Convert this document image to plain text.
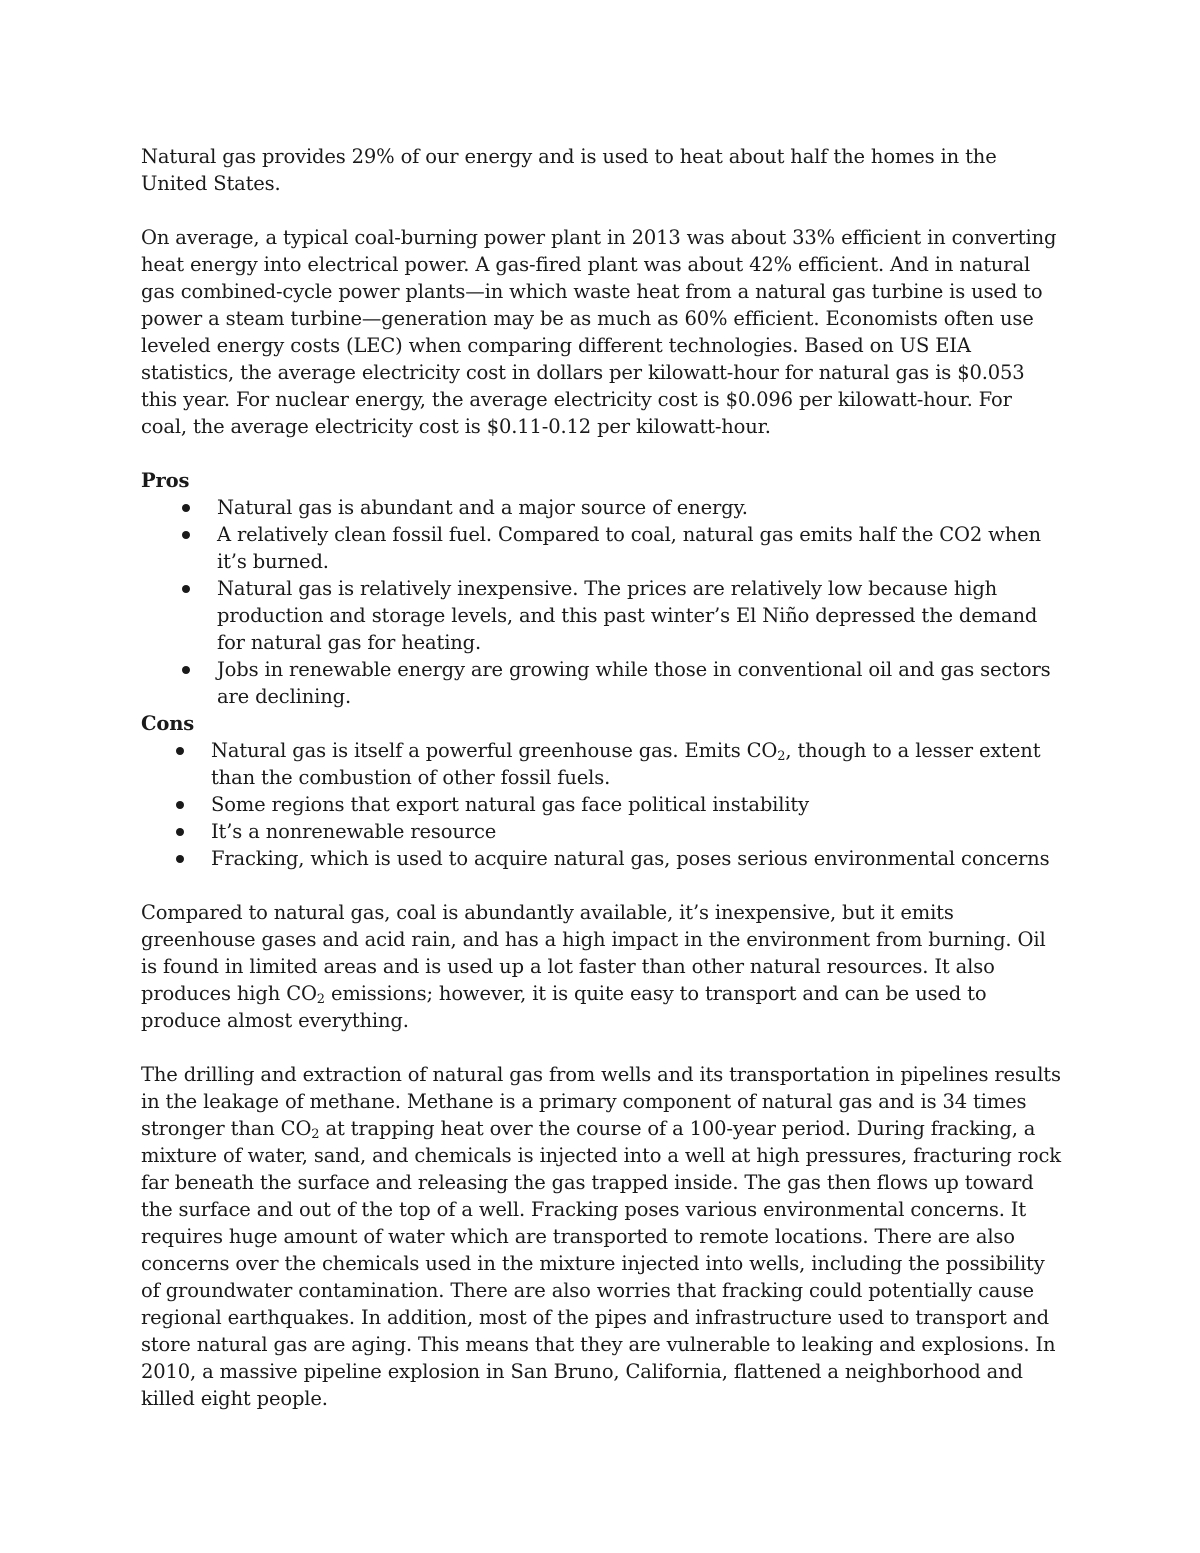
Natural gas provides 29% of our energy and is used to heat about half the homes in the United States.

On average, a typical coal-burning power plant in 2013 was about 33% efficient in converting heat energy into electrical power. A gas-fired plant was about 42% efficient. And in natural gas combined-cycle power plants—in which waste heat from a natural gas turbine is used to power a steam turbine—generation may be as much as 60% efficient. Economists often use leveled energy costs (LEC) when comparing different technologies. Based on US EIA statistics, the average electricity cost in dollars per kilowatt-hour for natural gas is $0.053 this year. For nuclear energy, the average electricity cost is $0.096 per kilowatt-hour. For coal, the average electricity cost is $0.11-0.12 per kilowatt-hour.

Pros

Natural gas is abundant and a major source of energy.
A relatively clean fossil fuel. Compared to coal, natural gas emits half the CO2 when it’s burned.
Natural gas is relatively inexpensive. The prices are relatively low because high production and storage levels, and this past winter’s El Niño depressed the demand for natural gas for heating.
Jobs in renewable energy are growing while those in conventional oil and gas sectors are declining.

Cons

Natural gas is itself a powerful greenhouse gas. Emits $CO_2$, though to a lesser extent than the combustion of other fossil fuels.
Some regions that export natural gas face political instability
It’s a nonrenewable resource
Fracking, which is used to acquire natural gas, poses serious environmental concerns

Compared to natural gas, coal is abundantly available, it’s inexpensive, but it emits greenhouse gases and acid rain, and has a high impact in the environment from burning. Oil is found in limited areas and is used up a lot faster than other natural resources. It also produces high $CO_2$ emissions; however, it is quite easy to transport and can be used to produce almost everything.

The drilling and extraction of natural gas from wells and its transportation in pipelines results in the leakage of methane. Methane is a primary component of natural gas and is 34 times stronger than $CO_2$ at trapping heat over the course of a 100-year period. During fracking, a mixture of water, sand, and chemicals is injected into a well at high pressures, fracturing rock far beneath the surface and releasing the gas trapped inside. The gas then flows up toward the surface and out of the top of a well. Fracking poses various environmental concerns. It requires huge amount of water which are transported to remote locations. There are also concerns over the chemicals used in the mixture injected into wells, including the possibility of groundwater contamination. There are also worries that fracking could potentially cause regional earthquakes. In addition, most of the pipes and infrastructure used to transport and store natural gas are aging. This means that they are vulnerable to leaking and explosions. In 2010, a massive pipeline explosion in San Bruno, California, flattened a neighborhood and killed eight people.
